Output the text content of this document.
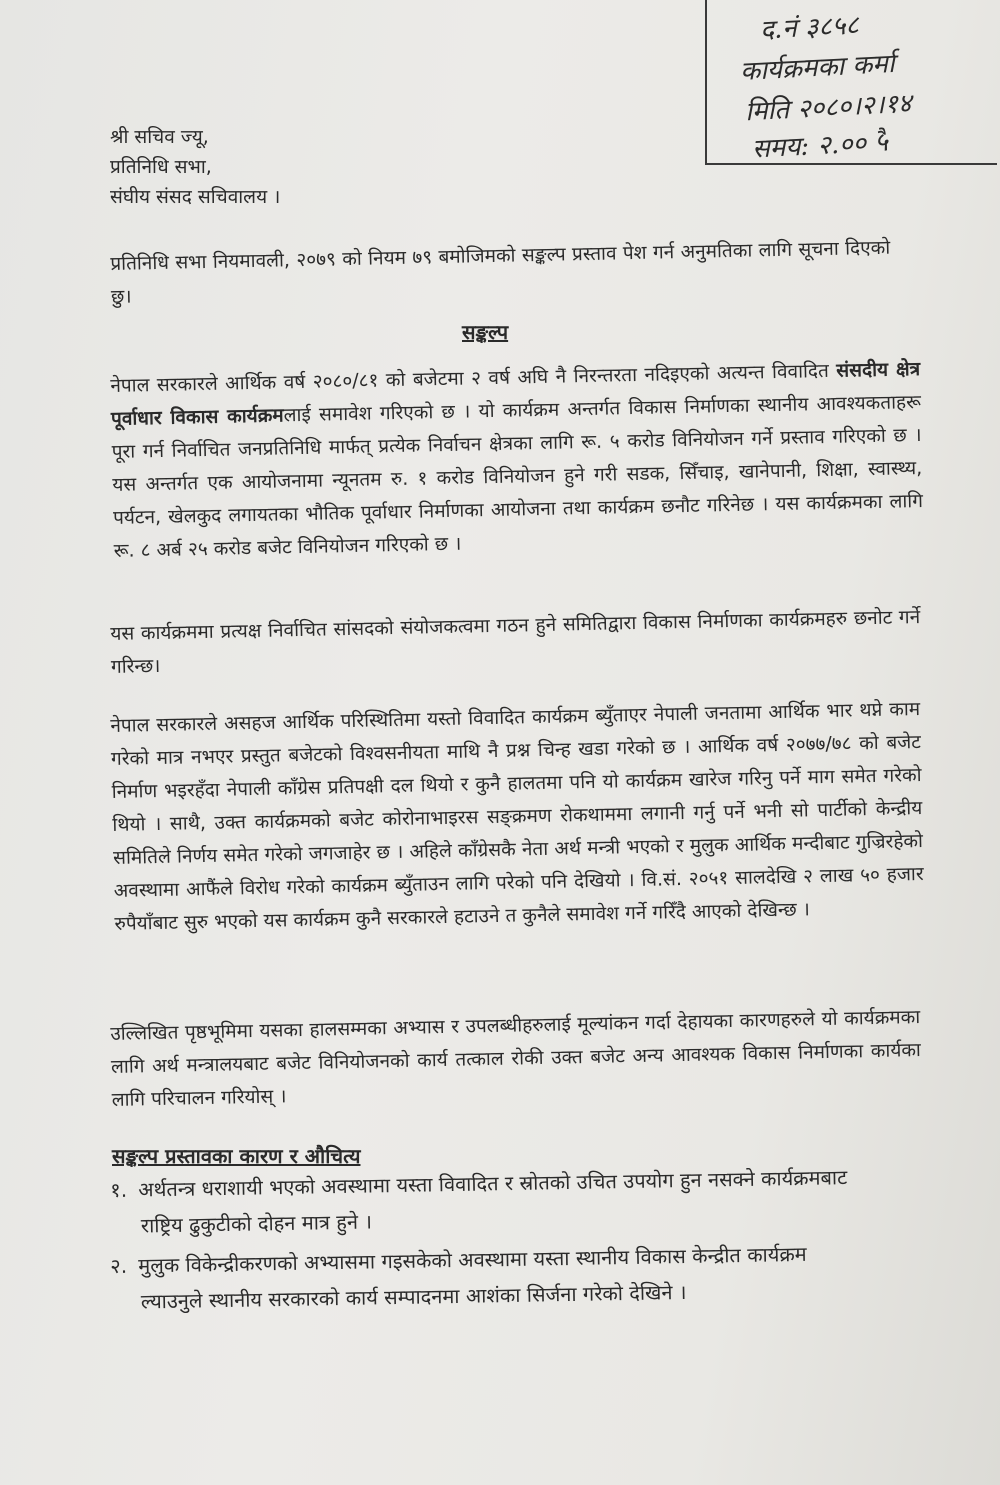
द.नं ३८५८
कार्यक्रमका कर्मा
मिति २०८०।२।१४
समय: २.०० ५ै
श्री सचिव ज्यू,
प्रतिनिधि सभा,
संघीय संसद सचिवालय ।
प्रतिनिधि सभा नियमावली, २०७९ को नियम ७९ बमोजिमको सङ्कल्प प्रस्ताव पेश गर्न अनुमतिका लागि सूचना दिएको छु।
सङ्कल्प
नेपाल सरकारले आर्थिक वर्ष २०८०/८१ को बजेटमा २ वर्ष अघि नै निरन्तरता नदिइएको अत्यन्त विवादित संसदीय क्षेत्र पूर्वाधार विकास कार्यक्रमलाई समावेश गरिएको छ । यो कार्यक्रम अन्तर्गत विकास निर्माणका स्थानीय आवश्यकताहरू पूरा गर्न निर्वाचित जनप्रतिनिधि मार्फत् प्रत्येक निर्वाचन क्षेत्रका लागि रू. ५ करोड विनियोजन गर्ने प्रस्ताव गरिएको छ । यस अन्तर्गत एक आयोजनामा न्यूनतम रु. १ करोड विनियोजन हुने गरी सडक, सिँचाइ, खानेपानी, शिक्षा, स्वास्थ्य, पर्यटन, खेलकुद लगायतका भौतिक पूर्वाधार निर्माणका आयोजना तथा कार्यक्रम छनौट गरिनेछ । यस कार्यक्रमका लागि रू. ८ अर्ब २५ करोड बजेट विनियोजन गरिएको छ ।
यस कार्यक्रममा प्रत्यक्ष निर्वाचित सांसदको संयोजकत्वमा गठन हुने समितिद्वारा विकास निर्माणका कार्यक्रमहरु छनोट गर्ने गरिन्छ।
नेपाल सरकारले असहज आर्थिक परिस्थितिमा यस्तो विवादित कार्यक्रम ब्युँताएर नेपाली जनतामा आर्थिक भार थप्ने काम गरेको मात्र नभएर प्रस्तुत बजेटको विश्वसनीयता माथि नै प्रश्न चिन्ह खडा गरेको छ । आर्थिक वर्ष २०७७/७८ को बजेट निर्माण भइरहँदा नेपाली काँग्रेस प्रतिपक्षी दल थियो र कुनै हालतमा पनि यो कार्यक्रम खारेज गरिनु पर्ने माग समेत गरेको थियो । साथै, उक्त कार्यक्रमको बजेट कोरोनाभाइरस सङ्क्रमण रोकथाममा लगानी गर्नु पर्ने भनी सो पार्टीको केन्द्रीय समितिले निर्णय समेत गरेको जगजाहेर छ । अहिले काँग्रेसकै नेता अर्थ मन्त्री भएको र मुलुक आर्थिक मन्दीबाट गुज्रिरहेको अवस्थामा आफैंले विरोध गरेको कार्यक्रम ब्युँताउन लागि परेको पनि देखियो । वि.सं. २०५१ सालदेखि २ लाख ५० हजार रुपैयाँबाट सुरु भएको यस कार्यक्रम कुनै सरकारले हटाउने त कुनैले समावेश गर्ने गरिँदै आएको देखिन्छ ।
उल्लिखित पृष्ठभूमिमा यसका हालसम्मका अभ्यास र उपलब्धीहरुलाई मूल्यांकन गर्दा देहायका कारणहरुले यो कार्यक्रमका लागि अर्थ मन्त्रालयबाट बजेट विनियोजनको कार्य तत्काल रोकी उक्त बजेट अन्य आवश्यक विकास निर्माणका कार्यका लागि परिचालन गरियोस् ।
सङ्कल्प प्रस्तावका कारण र औचित्य
१. अर्थतन्त्र धराशायी भएको अवस्थामा यस्ता विवादित र स्रोतको उचित उपयोग हुन नसक्ने कार्यक्रमबाट
राष्ट्रिय ढुकुटीको दोहन मात्र हुने ।
२. मुलुक विकेन्द्रीकरणको अभ्यासमा गइसकेको अवस्थामा यस्ता स्थानीय विकास केन्द्रीत कार्यक्रम
ल्याउनुले स्थानीय सरकारको कार्य सम्पादनमा आशंका सिर्जना गरेको देखिने ।
